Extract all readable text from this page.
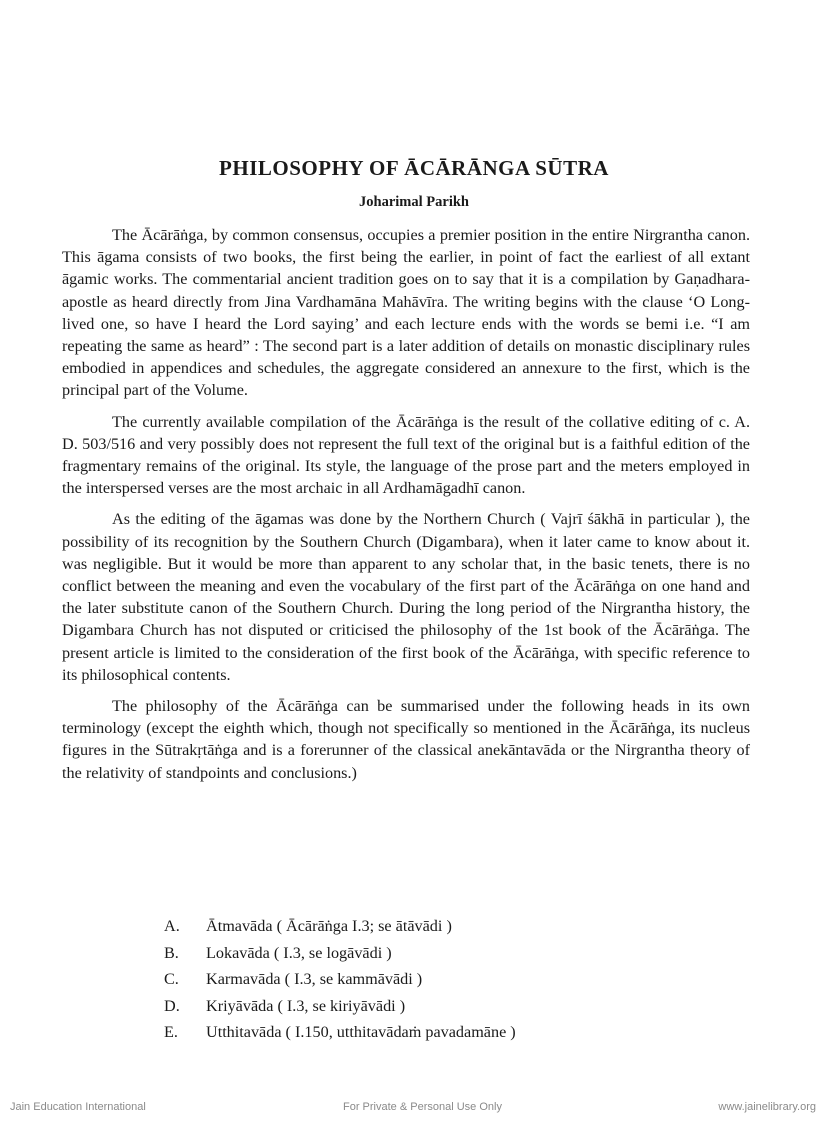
PHILOSOPHY OF ĀCĀRĀNGA SŪTRA
Joharimal Parikh

The Ācārāṅga, by common consensus, occupies a premier position in the entire Nirgrantha canon. This āgama consists of two books, the first being the earlier, in point of fact the earliest of all extant āgamic works. The commentarial ancient tradition goes on to say that it is a compilation by Gaṇadhara-apostle as heard directly from Jina Vardhamāna Mahāvīra. The writing begins with the clause ‘O Long-lived one, so have I heard the Lord saying’ and each lecture ends with the words se bemi i.e. “I am repeating the same as heard” : The second part is a later addition of details on monastic disciplinary rules embodied in appendices and schedules, the aggregate considered an annexure to the first, which is the principal part of the Volume.

The currently available compilation of the Ācārāṅga is the result of the collative editing of c. A. D. 503/516 and very possibly does not represent the full text of the original but is a faithful edition of the fragmentary remains of the original. Its style, the language of the prose part and the meters employed in the interspersed verses are the most archaic in all Ardhamāgadhī canon.

As the editing of the āgamas was done by the Northern Church ( Vajrī śākhā in particular ), the possibility of its recognition by the Southern Church (Digambara), when it later came to know about it. was negligible. But it would be more than apparent to any scholar that, in the basic tenets, there is no conflict between the meaning and even the vocabulary of the first part of the Ācārāṅga on one hand and the later substitute canon of the Southern Church. During the long period of the Nirgrantha history, the Digambara Church has not disputed or criticised the philosophy of the 1st book of the Ācārāṅga. The present article is limited to the consideration of the first book of the Ācārāṅga, with specific reference to its philosophical contents.

The philosophy of the Ācārāṅga can be summarised under the following heads in its own terminology (except the eighth which, though not specifically so mentioned in the Ācārāṅga, its nucleus figures in the Sūtrakṛtāṅga and is a forerunner of the classical anekāntavāda or the Nirgrantha theory of the relativity of standpoints and conclusions.)

A.	Ātmavāda ( Ācārāṅga I.3; se ātāvādi )
B.	Lokavāda ( I.3, se logāvādi )
C.	Karmavāda ( I.3, se kammāvādi )
D.	Kriyāvāda ( I.3, se kiriyāvādi )
E.	Utthitavāda ( I.150, utthitavādaṁ pavadamāne )
Jain Education International	For Private & Personal Use Only	www.jainelibrary.org
